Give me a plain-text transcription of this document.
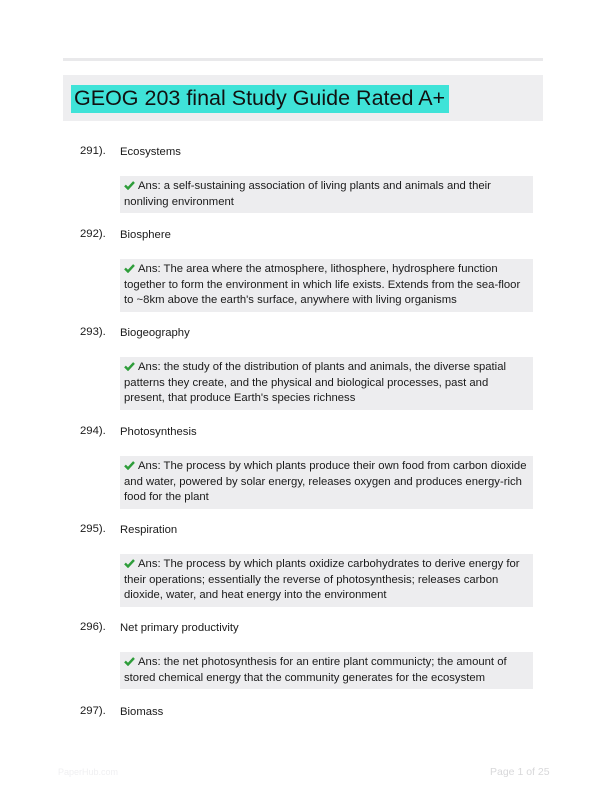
GEOG 203 final Study Guide Rated A+
291). Ecosystems
Ans: a self-sustaining association of living plants and animals and their nonliving environment
292). Biosphere
Ans: The area where the atmosphere, lithosphere, hydrosphere function together to form the environment in which life exists. Extends from the sea-floor to ~8km above the earth's surface, anywhere with living organisms
293). Biogeography
Ans: the study of the distribution of plants and animals, the diverse spatial patterns they create, and the physical and biological processes, past and present, that produce Earth's species richness
294). Photosynthesis
Ans: The process by which plants produce their own food from carbon dioxide and water, powered by solar energy, releases oxygen and produces energy-rich food for the plant
295). Respiration
Ans: The process by which plants oxidize carbohydrates to derive energy for their operations; essentially the reverse of photosynthesis; releases carbon dioxide, water, and heat energy into the environment
296). Net primary productivity
Ans: the net photosynthesis for an entire plant communicty; the amount of stored chemical energy that the community generates for the ecosystem
297). Biomass
PaperHub.com	Page 1 of 25
